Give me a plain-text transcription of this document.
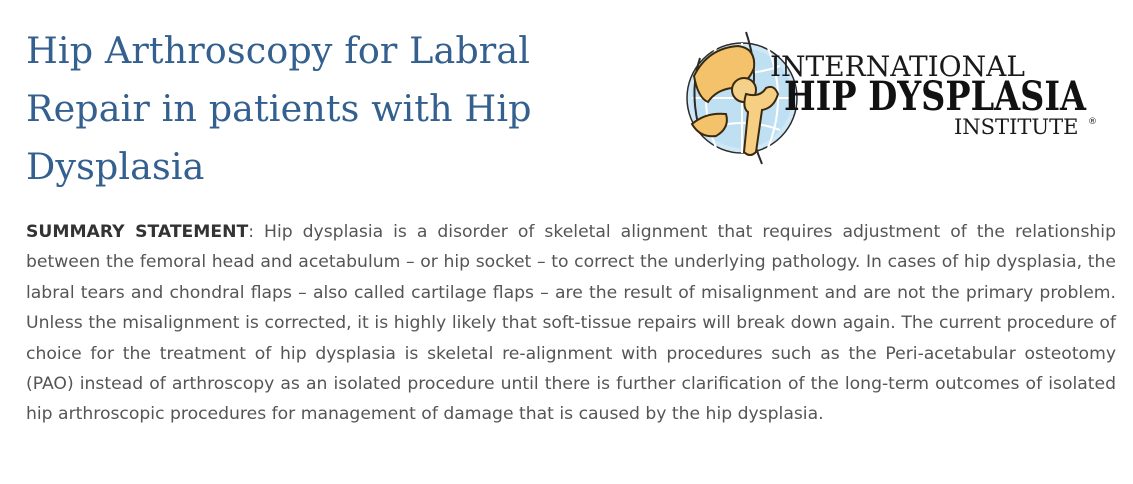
Hip Arthroscopy for Labral Repair in patients with Hip Dysplasia
INTERNATIONAL
HIP DYSPLASIA
INSTITUTE ®

SUMMARY STATEMENT: Hip dysplasia is a disorder of skeletal alignment that requires adjustment of the relationship between the femoral head and acetabulum – or hip socket – to correct the underlying pathology. In cases of hip dysplasia, the labral tears and chondral flaps – also called cartilage flaps – are the result of misalignment and are not the primary problem. Unless the misalignment is corrected, it is highly likely that soft-tissue repairs will break down again. The current procedure of choice for the treatment of hip dysplasia is skeletal re-alignment with procedures such as the Peri-acetabular osteotomy (PAO) instead of arthroscopy as an isolated procedure until there is further clarification of the long-term outcomes of isolated hip arthroscopic procedures for management of damage that is caused by the hip dysplasia.
